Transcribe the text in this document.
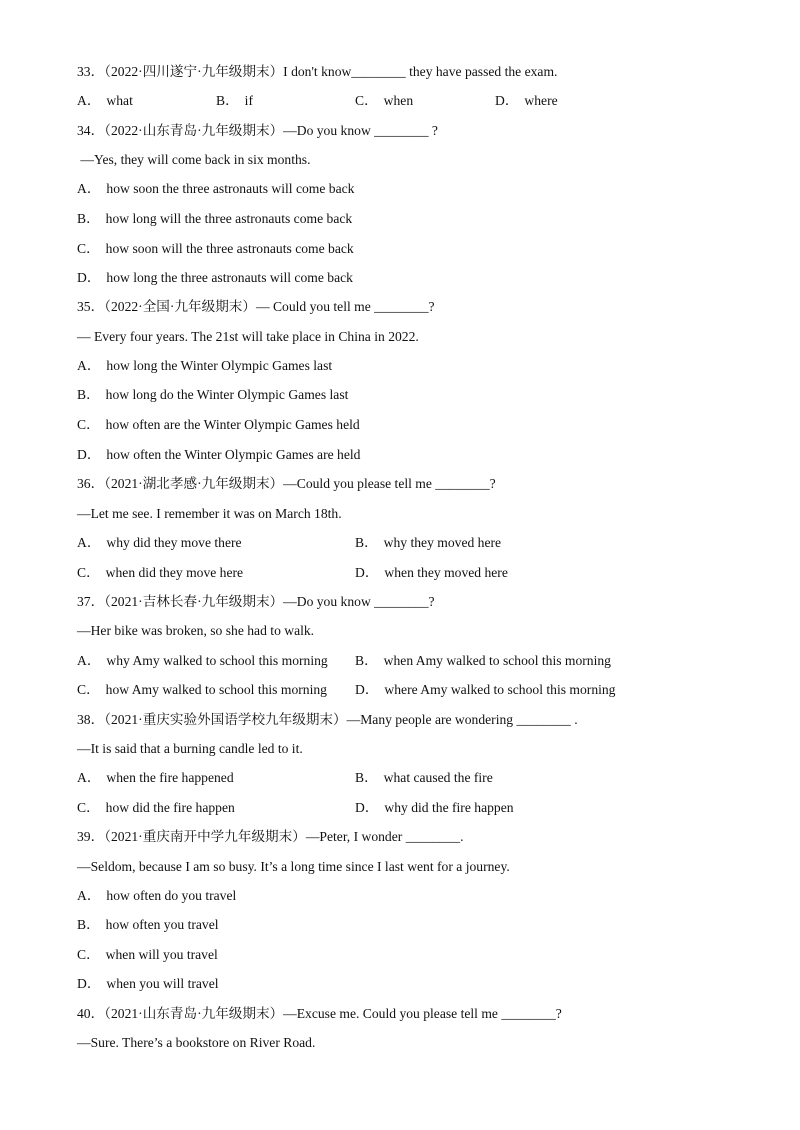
33．（2022·四川遂宁·九年级期末）I don't know________ they have passed the exam.
A． what	B． if	C． when	D． where
34．（2022·山东青岛·九年级期末）—Do you know ________ ?
—Yes, they will come back in six months.
A． how soon the three astronauts will come back
B． how long will the three astronauts come back
C． how soon will the three astronauts come back
D． how long the three astronauts will come back
35．（2022·全国·九年级期末）— Could you tell me ________?
— Every four years. The 21st will take place in China in 2022.
A． how long the Winter Olympic Games last
B． how long do the Winter Olympic Games last
C． how often are the Winter Olympic Games held
D． how often the Winter Olympic Games are held
36．（2021·湖北孝感·九年级期末）—Could you please tell me ________?
—Let me see. I remember it was on March 18th.
A． why did they move there	B． why they moved here
C． when did they move here	D． when they moved here
37．（2021·吉林长春·九年级期末）—Do you know ________?
—Her bike was broken, so she had to walk.
A． why Amy walked to school this morning B． when Amy walked to school this morning
C． how Amy walked to school this morning D． where Amy walked to school this morning
38．（2021·重庆实验外国语学校九年级期末）—Many people are wondering ________ .
—It is said that a burning candle led to it.
A． when the fire happened	B． what caused the fire
C． how did the fire happen	D． why did the fire happen
39．（2021·重庆南开中学九年级期末）—Peter, I wonder ________.
—Seldom, because I am so busy. It’s a long time since I last went for a journey.
A． how often do you travel
B． how often you travel
C． when will you travel
D． when you will travel
40．（2021·山东青岛·九年级期末）—Excuse me. Could you please tell me ________?
—Sure. There’s a bookstore on River Road.
